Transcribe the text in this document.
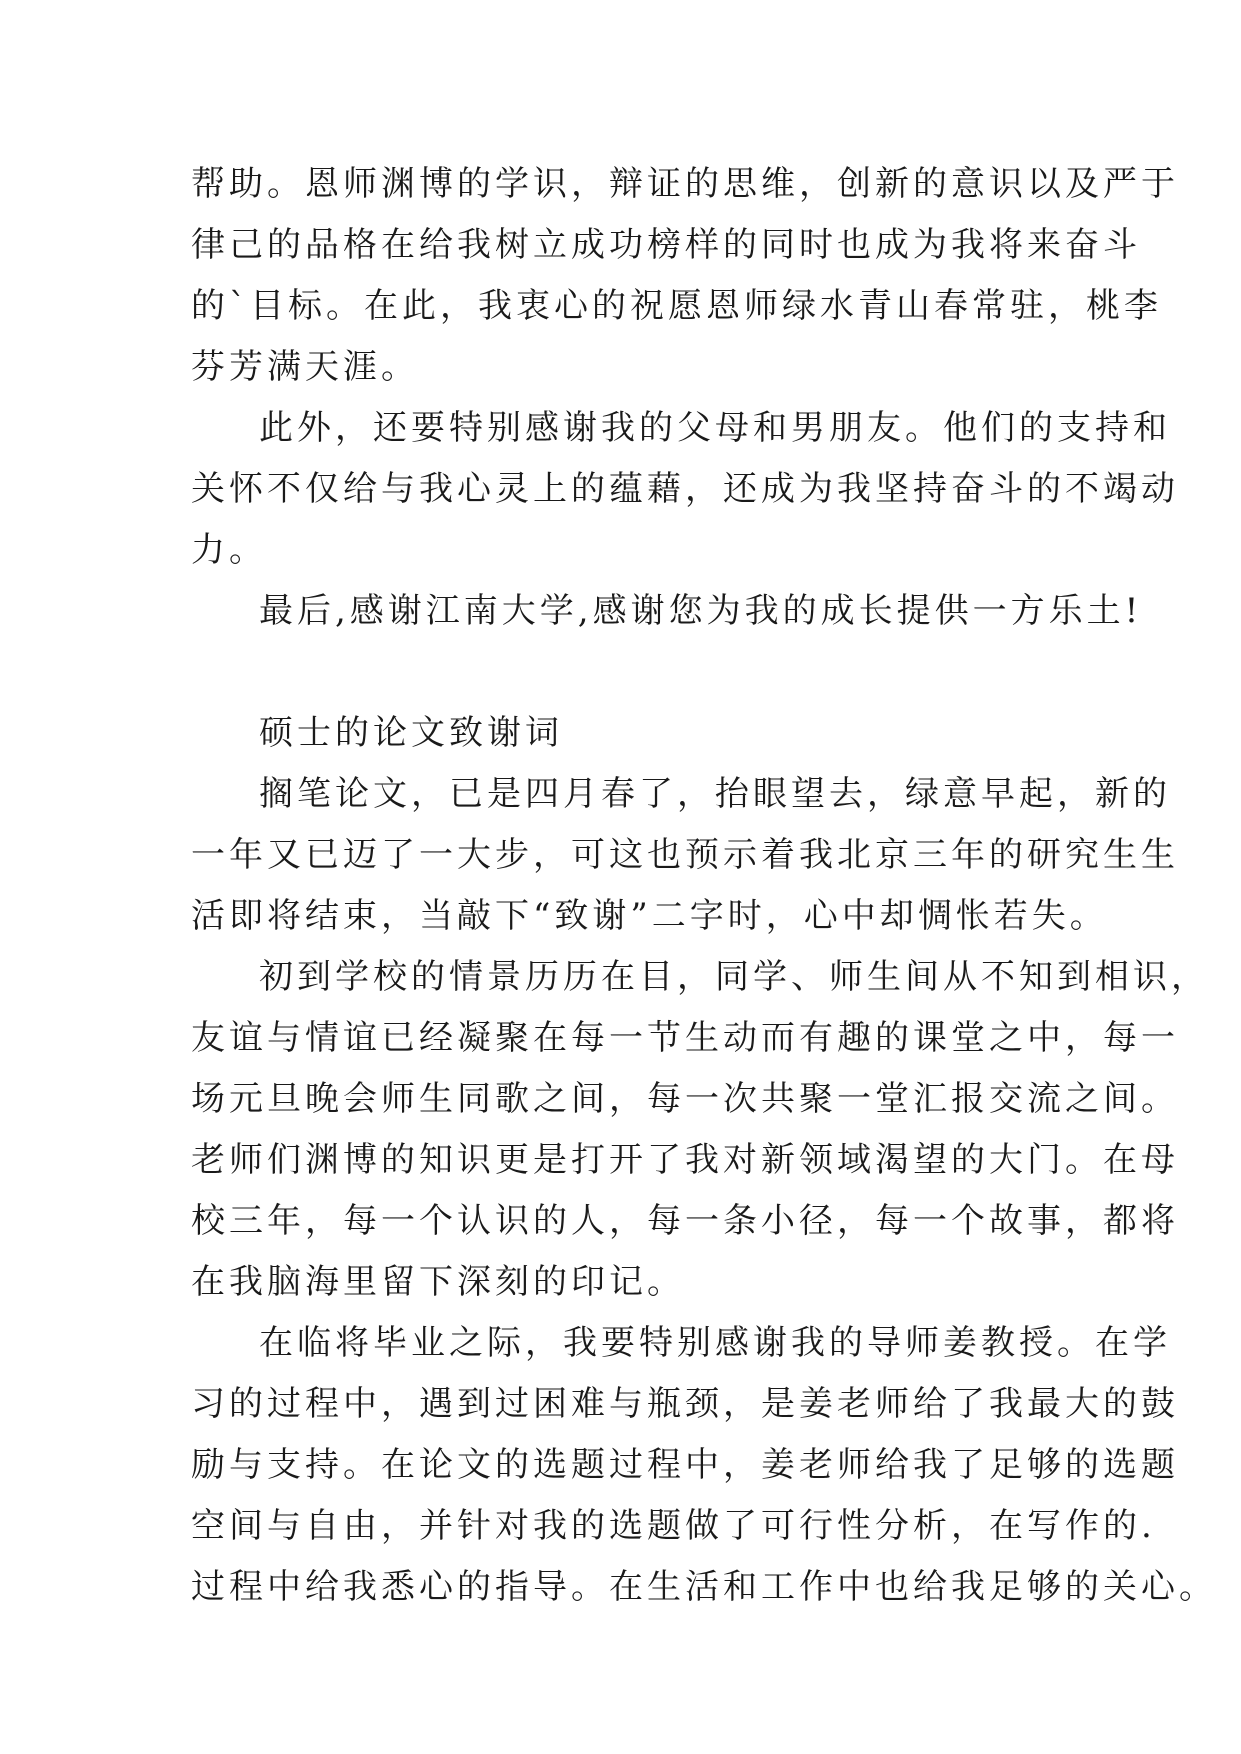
帮助。恩师渊博的学识，辩证的思维，创新的意识以及严于
律己的品格在给我树立成功榜样的同时也成为我将来奋斗
的`目标。在此，我衷心的祝愿恩师绿水青山春常驻，桃李
芬芳满天涯。
此外，还要特别感谢我的父母和男朋友。他们的支持和
关怀不仅给与我心灵上的蕴藉，还成为我坚持奋斗的不竭动
力。
最后,感谢江南大学,感谢您为我的成长提供一方乐土!
硕士的论文致谢词
搁笔论文，已是四月春了，抬眼望去，绿意早起，新的
一年又已迈了一大步，可这也预示着我北京三年的研究生生
活即将结束，当敲下“致谢”二字时，心中却惆怅若失。
初到学校的情景历历在目，同学、师生间从不知到相识，
友谊与情谊已经凝聚在每一节生动而有趣的课堂之中，每一
场元旦晚会师生同歌之间，每一次共聚一堂汇报交流之间。
老师们渊博的知识更是打开了我对新领域渴望的大门。在母
校三年，每一个认识的人，每一条小径，每一个故事，都将
在我脑海里留下深刻的印记。
在临将毕业之际，我要特别感谢我的导师姜教授。在学
习的过程中，遇到过困难与瓶颈，是姜老师给了我最大的鼓
励与支持。在论文的选题过程中，姜老师给我了足够的选题
空间与自由，并针对我的选题做了可行性分析，在写作的.
过程中给我悉心的指导。在生活和工作中也给我足够的关心。
